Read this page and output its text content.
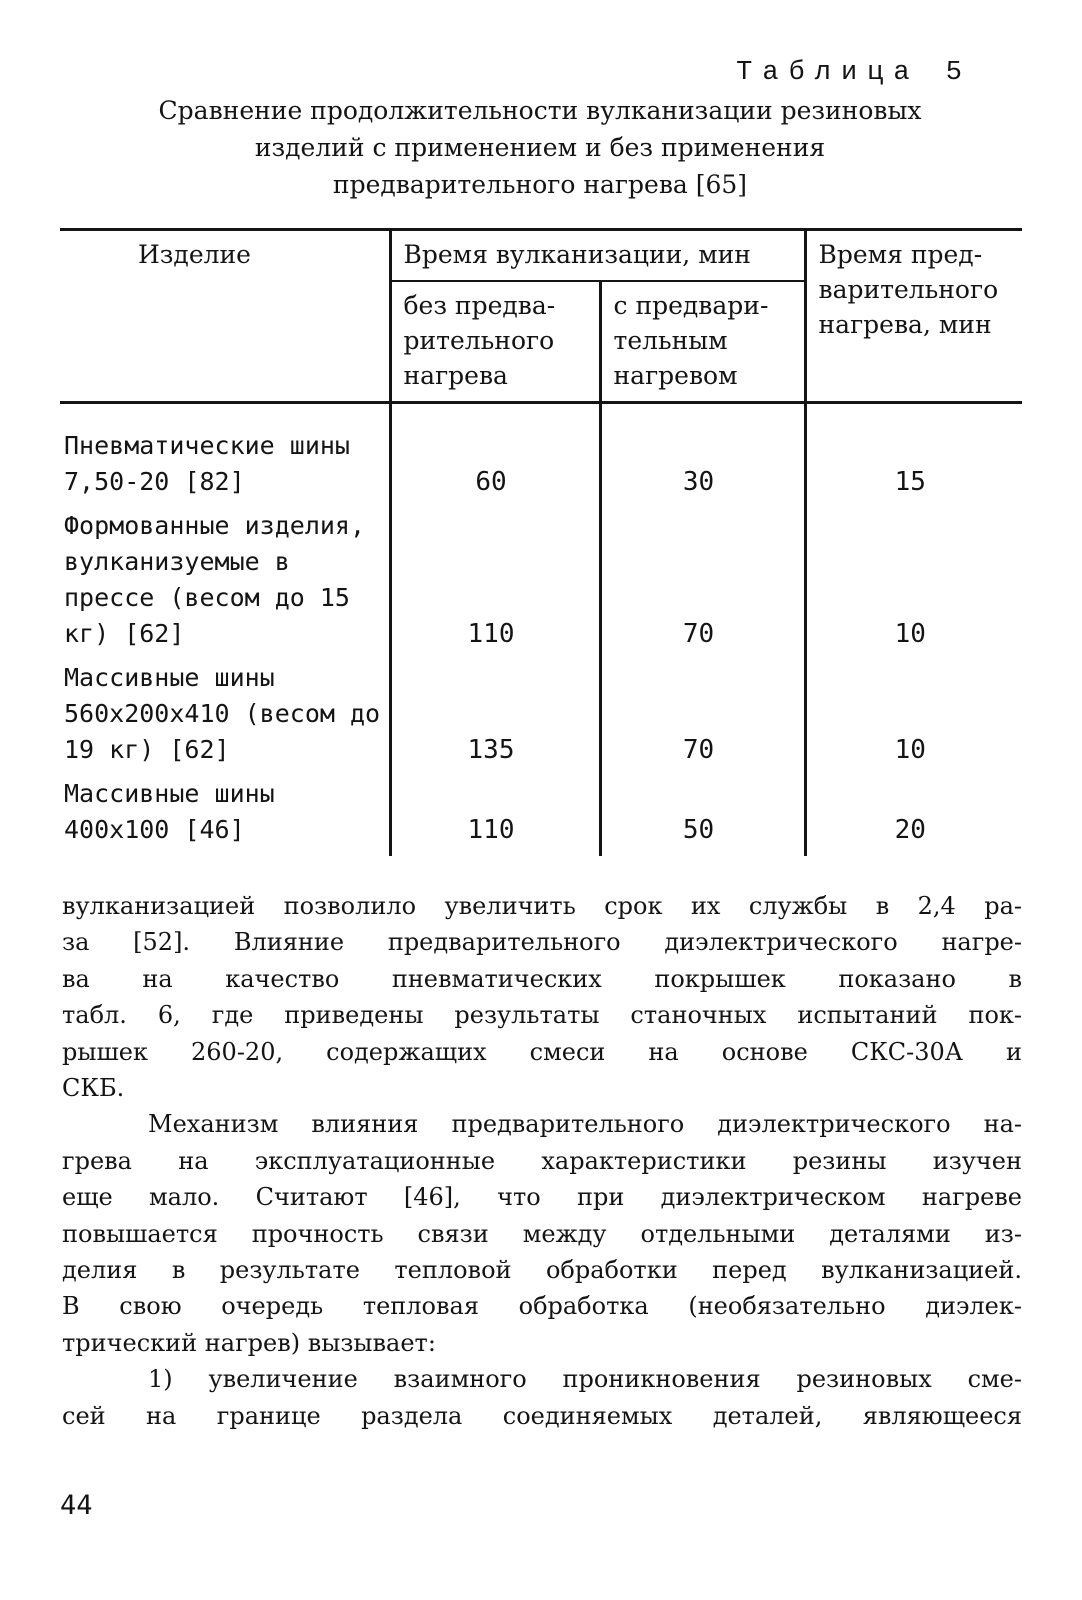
Таблица 5
Сравнение продолжительности вулканизации резиновых
изделий с применением и без применения
предварительного нагрева [65]
Изделие	Время вулканизации, мин		Время пред- варительного нагрева, мин
	без предва- рительного нагрева	с предвари- тельным нагревом	
Пневматические шины 7,50-20 [82]	60	30	15
Формованные изделия, вулканизуемые в прессе (весом до 15 кг) [62]	110	70	10
Массивные шины 560х200х410 (весом до 19 кг) [62]	135	70	10
Массивные шины 400х100 [46]	110	50	20

вулканизацией позволило увеличить срок их службы в 2,4 ра-

за [52]. Влияние предварительного диэлектрического нагре-

ва на качество пневматических покрышек показано в

табл. 6, где приведены результаты станочных испытаний пок-

рышек 260-20, содержащих смеси на основе СКС-30А и

СКБ.

Механизм влияния предварительного диэлектрического на-

грева на эксплуатационные характеристики резины изучен

еще мало. Считают [46], что при диэлектрическом нагреве

повышается прочность связи между отдельными деталями из-

делия в результате тепловой обработки перед вулканизацией.

В свою очередь тепловая обработка (необязательно диэлек-

трический нагрев) вызывает:

1) увеличение взаимного проникновения резиновых сме-

сей на границе раздела соединяемых деталей, являющееся

44
